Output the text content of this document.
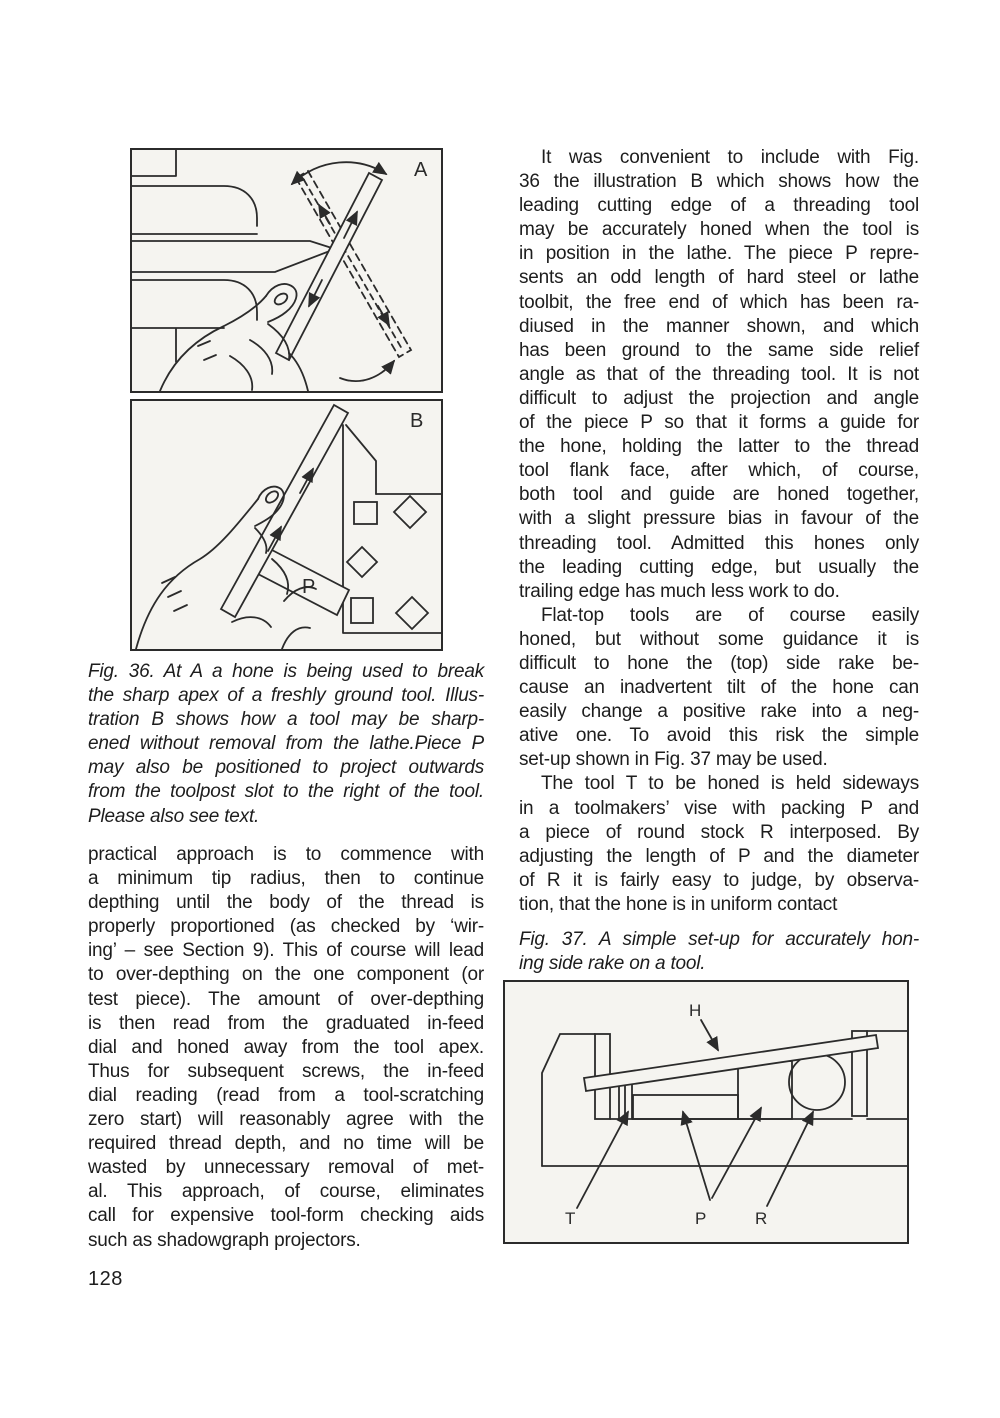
A
B
P
Fig. 36. At A a hone is being used to break
the sharp apex of a freshly ground tool. Illus-
tration B shows how a tool may be sharp-
ened without removal from the lathe.Piece P
may also be positioned to project outwards
from the toolpost slot to the right of the tool.
Please also see text.
practical approach is to commence with
a minimum tip radius, then to continue
depthing until the body of the thread is
properly proportioned (as checked by ‘wir-
ing’ – see Section 9). This of course will lead
to over-depthing on the one component (or
test piece). The amount of over-depthing
is then read from the graduated in-feed
dial and honed away from the tool apex.
Thus for subsequent screws, the in-feed
dial reading (read from a tool-scratching
zero start) will reasonably agree with the
required thread depth, and no time will be
wasted by unnecessary removal of met-
al. This approach, of course, eliminates
call for expensive tool-form checking aids
such as shadowgraph projectors.
128
It was convenient to include with Fig.
36 the illustration B which shows how the
leading cutting edge of a threading tool
may be accurately honed when the tool is
in position in the lathe. The piece P repre-
sents an odd length of hard steel or lathe
toolbit, the free end of which has been ra-
diused in the manner shown, and which
has been ground to the same side relief
angle as that of the threading tool. It is not
difficult to adjust the projection and angle
of the piece P so that it forms a guide for
the hone, holding the latter to the thread
tool flank face, after which, of course,
both tool and guide are honed together,
with a slight pressure bias in favour of the
threading tool. Admitted this hones only
the leading cutting edge, but usually the
trailing edge has much less work to do.
Flat-top tools are of course easily
honed, but without some guidance it is
difficult to hone the (top) side rake be-
cause an inadvertent tilt of the hone can
easily change a positive rake into a neg-
ative one. To avoid this risk the simple
set-up shown in Fig. 37 may be used.
The tool T to be honed is held sideways
in a toolmakers’ vise with packing P and
a piece of round stock R interposed. By
adjusting the length of P and the diameter
of R it is fairly easy to judge, by observa-
tion, that the hone is in uniform contact
Fig. 37. A simple set-up for accurately hon-
ing side rake on a tool.
H
T	P	R
